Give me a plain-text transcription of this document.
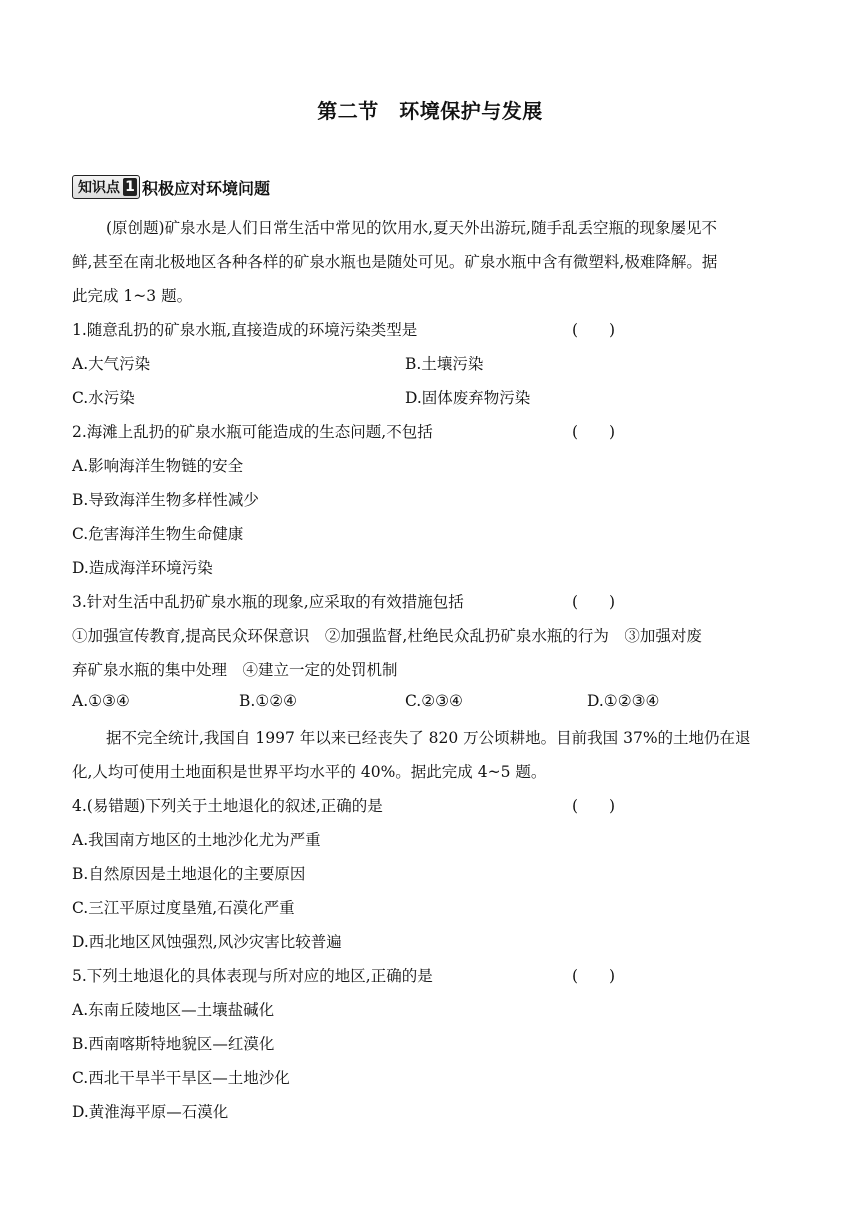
第二节　环境保护与发展
知识点 1 积极应对环境问题
(原创题)矿泉水是人们日常生活中常见的饮用水,夏天外出游玩,随手乱丢空瓶的现象屡见不
鲜,甚至在南北极地区各种各样的矿泉水瓶也是随处可见。矿泉水瓶中含有微塑料,极难降解。据
此完成 1~3 题。
1.随意乱扔的矿泉水瓶,直接造成的环境污染类型是	(　　)
A.大气污染	B.土壤污染
C.水污染	D.固体废弃物污染
2.海滩上乱扔的矿泉水瓶可能造成的生态问题,不包括	(　　)
A.影响海洋生物链的安全
B.导致海洋生物多样性减少
C.危害海洋生物生命健康
D.造成海洋环境污染
3.针对生活中乱扔矿泉水瓶的现象,应采取的有效措施包括	(　　)
①加强宣传教育,提高民众环保意识　②加强监督,杜绝民众乱扔矿泉水瓶的行为　③加强对废
弃矿泉水瓶的集中处理　④建立一定的处罚机制
A.①③④	B.①②④	C.②③④	D.①②③④
据不完全统计,我国自 1997 年以来已经丧失了 820 万公顷耕地。目前我国 37%的土地仍在退
化,人均可使用土地面积是世界平均水平的 40%。据此完成 4~5 题。
4.(易错题)下列关于土地退化的叙述,正确的是	(　　)
A.我国南方地区的土地沙化尤为严重
B.自然原因是土地退化的主要原因
C.三江平原过度垦殖,石漠化严重
D.西北地区风蚀强烈,风沙灾害比较普遍
5.下列土地退化的具体表现与所对应的地区,正确的是	(　　)
A.东南丘陵地区—土壤盐碱化
B.西南喀斯特地貌区—红漠化
C.西北干旱半干旱区—土地沙化
D.黄淮海平原—石漠化
